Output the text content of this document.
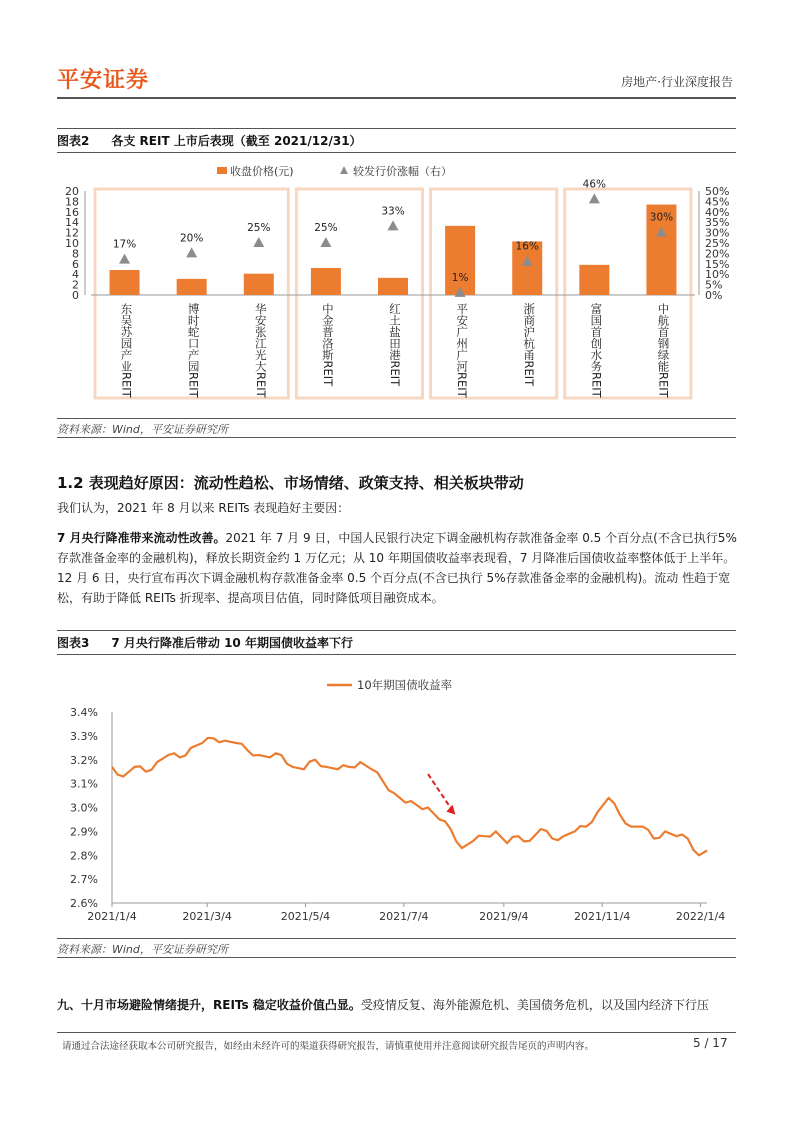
平安证券	房地产·行业深度报告
图表2 各支 REIT 上市后表现（截至 2021/12/31）
0
2
4
6
8
10
12
14
16
18
20
0%
5%
10%
15%
20%
25%
30%
35%
40%
45%
50%
17%
20%
25%	25%
33%
1%
16%
46%
30%
收盘价格(元)	较发行价涨幅（右）
东吴苏园产业REIT	博时蛇口产园REIT	华安张江光大REIT	中金普洛斯REIT	红土盐田港REIT	平安广州广河REIT	浙商沪杭甬REIT	富国首创水务REIT	中航首钢绿能REIT
资料来源：Wind，平安证券研究所
1.2 表现趋好原因：流动性趋松、市场情绪、政策支持、相关板块带动
我们认为，2021 年 8 月以来 REITs 表现趋好主要因：
7 月央行降准带来流动性改善。2021 年 7 月 9 日，中国人民银行决定下调金融机构存款准备金率 0.5 个百分点(不含已执行5%存款准备金率的金融机构)，释放长期资金约 1 万亿元；从 10 年期国债收益率表现看，7 月降准后国债收益率整体低于上半年。12 月 6 日，央行宣布再次下调金融机构存款准备金率 0.5 个百分点(不含已执行 5%存款准备金率的金融机构)。流动 性趋于宽松，有助于降低 REITs 折现率、提高项目估值，同时降低项目融资成本。
图表3 7 月央行降准后带动 10 年期国债收益率下行
10年期国债收益率
2.6%
2.7%
2.8%
2.9%
3.0%
3.1%
3.2%
3.3%
3.4%
2021/1/4	2021/3/4	2021/5/4	2021/7/4	2021/9/4	2021/11/4	2022/1/4
资料来源：Wind，平安证券研究所
九、十月市场避险情绪提升，REITs 稳定收益价值凸显。受疫情反复、海外能源危机、美国债务危机，以及国内经济下行压
请通过合法途径获取本公司研究报告，如经由未经许可的渠道获得研究报告，请慎重使用并注意阅读研究报告尾页的声明内容。	5 / 17
